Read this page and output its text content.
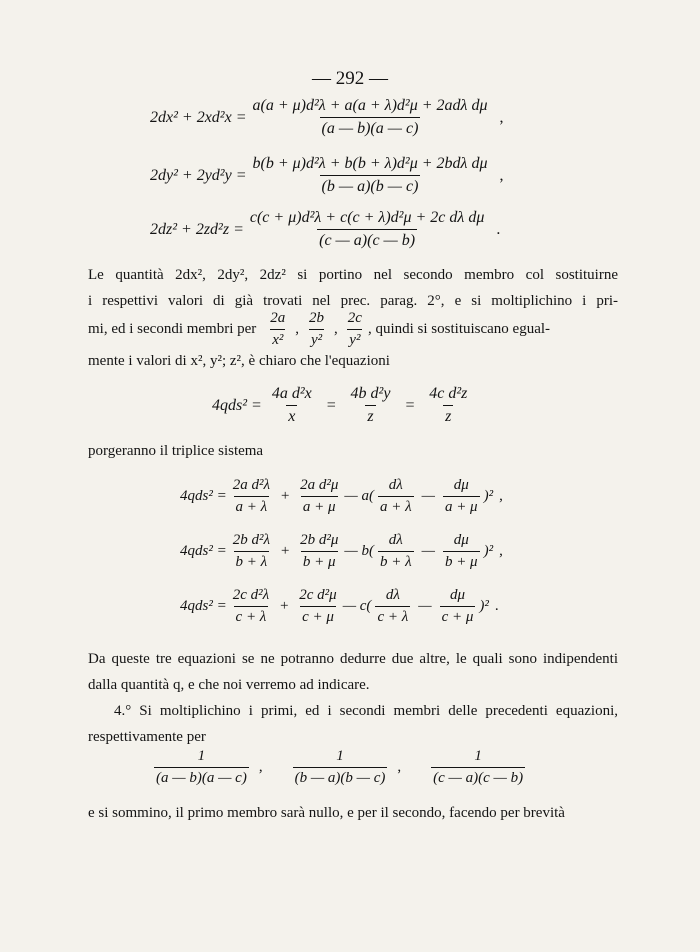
— 292 —
$2dx^2 + 2xd^2x = \frac{\text{a(a + μ)d²λ + a(a + λ)d²μ + 2adλ dμ}}{(a — b)(a — c)}$ ,
$2dy^2 + 2yd^2y = \frac{\text{b(b + μ)d²λ + b(b + λ)d²μ + 2bdλ dμ}}{(b — a)(b — c)}$ ,
$2dz^2 + 2zd^2z = \frac{\text{c(c + μ)d²λ + c(c + λ)d²μ + 2c dλ dμ}}{(c — a)(c — b)}$ .
Le quantità 2dx², 2dy², 2dz² si portino nel secondo membro col sostituirne
i respettivi valori di già trovati nel prec. parag. 2°, e si moltiplichino i pri-
mi, ed i secondi membri per $\frac{2a}{\text{x²}}$ , $\frac{2b}{\text{y²}}$ , $\frac{2c}{\text{y²}}$ , quindi si sostituiscano egual-
mente i valori di x², y²; z², è chiaro che l'equazioni
$4qds^2 = \frac{\text{4a d²x}}{x} = \frac{\text{4b d²y}}{z} = \frac{\text{4c d²z}}{z}$
porgeranno il triplice sistema
$4qds^2 = \frac{\text{2a d²λ}}{a + \lambda} + \frac{\text{2a d²μ}}{a + \mu}$ — $a( \frac{d\lambda}{a + \lambda}$ — $\frac{d\mu}{a + \mu} )^2$ ,
$4qds^2 = \frac{\text{2b d²λ}}{b + \lambda} + \frac{\text{2b d²μ}}{b + \mu}$ — $b( \frac{d\lambda}{b + \lambda}$ — $\frac{d\mu}{b + \mu} )^2$ ,
$4qds^2 = \frac{\text{2c d²λ}}{c + \lambda} + \frac{\text{2c d²μ}}{c + \mu}$ — $c( \frac{d\lambda}{c + \lambda}$ — $\frac{d\mu}{c + \mu} )^2$ .
Da queste tre equazioni se ne potranno dedurre due altre, le quali sono indipendenti dalla quantità q, e che noi verremo ad indicare.
4.° Si moltiplichino i primi, ed i secondi membri delle precedenti equazioni, respettivamente per
$\frac{1}{(a — b)(a — c)}$ , $\frac{1}{(b — a)(b — c)}$ , $\frac{1}{(c — a)(c — b)}$
e si sommino, il primo membro sarà nullo, e per il secondo, facendo per brevità
